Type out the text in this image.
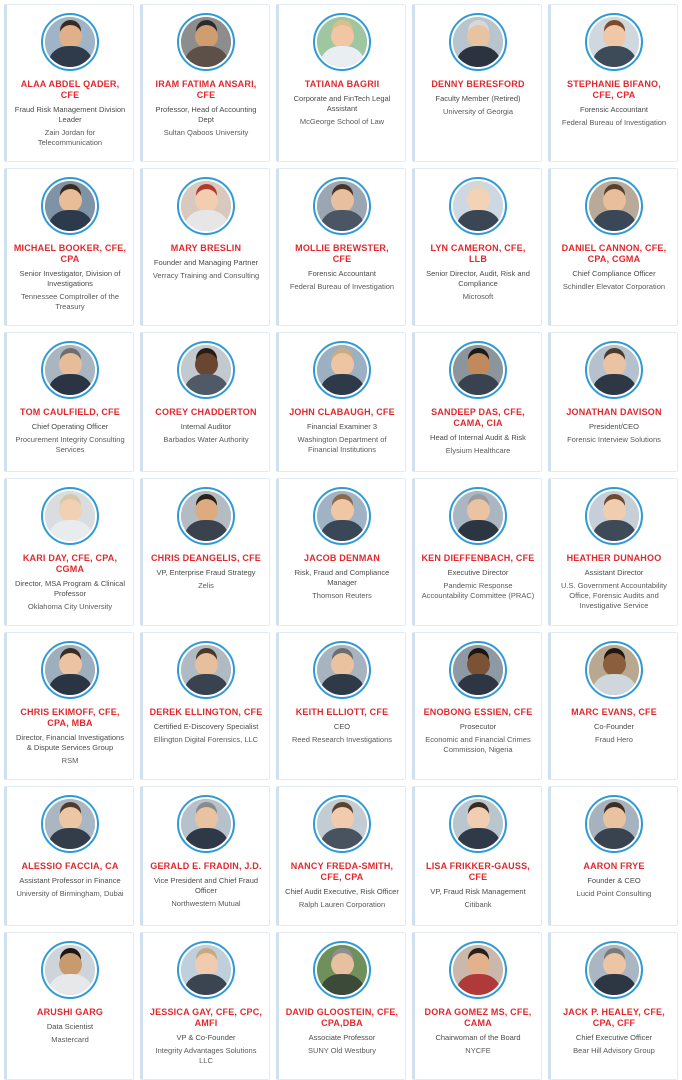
ALAA ABDEL QADER, CFE
Fraud Risk Management Division Leader
Zain Jordan for Telecommunication
IRAM FATIMA ANSARI, CFE
Professor, Head of Accounting Dept
Sultan Qaboos University
TATIANA BAGRII
Corporate and FinTech Legal Assistant
McGeorge School of Law
DENNY BERESFORD
Faculty Member (Retired)
University of Georgia
STEPHANIE BIFANO, CFE, CPA
Forensic Accountant
Federal Bureau of Investigation
MICHAEL BOOKER, CFE, CPA
Senior Investigator, Division of Investigations
Tennessee Comptroller of the Treasury
MARY BRESLIN
Founder and Managing Partner
Verracy Training and Consulting
MOLLIE BREWSTER, CFE
Forensic Accountant
Federal Bureau of Investigation
LYN CAMERON, CFE, LLB
Senior Director, Audit, Risk and Compliance
Microsoft
DANIEL CANNON, CFE, CPA, CGMA
Chief Compliance Officer
Schindler Elevator Corporation
TOM CAULFIELD, CFE
Chief Operating Officer
Procurement Integrity Consulting Services
COREY CHADDERTON
Internal Auditor
Barbados Water Authority
JOHN CLABAUGH, CFE
Financial Examiner 3
Washington Department of Financial Institutions
SANDEEP DAS, CFE, CAMA, CIA
Head of Internal Audit & Risk
Elysium Healthcare
JONATHAN DAVISON
President/CEO
Forensic Interview Solutions
KARI DAY, CFE, CPA, CGMA
Director, MSA Program & Clinical Professor
Oklahoma City University
CHRIS DEANGELIS, CFE
VP, Enterprise Fraud Strategy
Zelis
JACOB DENMAN
Risk, Fraud and Compliance Manager
Thomson Reuters
KEN DIEFFENBACH, CFE
Executive Director
Pandemic Response Accountability Committee (PRAC)
HEATHER DUNAHOO
Assistant Director
U.S. Government Accountability Office, Forensic Audits and Investigative Service
CHRIS EKIMOFF, CFE, CPA, MBA
Director, Financial Investigations & Dispute Services Group
RSM
DEREK ELLINGTON, CFE
Certified E-Discovery Specialist
Ellington Digital Forensics, LLC
KEITH ELLIOTT, CFE
CEO
Reed Research Investigations
ENOBONG ESSIEN, CFE
Prosecutor
Economic and Financial Crimes Commission, Nigeria
MARC EVANS, CFE
Co-Founder
Fraud Hero
ALESSIO FACCIA, CA
Assistant Professor in Finance
University of Birmingham, Dubai
GERALD E. FRADIN, J.D.
Vice President and Chief Fraud Officer
Northwestern Mutual
NANCY FREDA-SMITH, CFE, CPA
Chief Audit Executive, Risk Officer
Ralph Lauren Corporation
LISA FRIKKER-GAUSS, CFE
VP, Fraud Risk Management
Citibank
AARON FRYE
Founder & CEO
Lucid Point Consulting
ARUSHI GARG
Data Scientist
Mastercard
JESSICA GAY, CFE, CPC, AMFI
VP & Co-Founder
Integrity Advantages Solutions LLC
DAVID GLOOSTEIN, CFE, CPA,DBA
Associate Professor
SUNY Old Westbury
DORA GOMEZ MS, CFE, CAMA
Chairwoman of the Board
NYCFE
JACK P. HEALEY, CFE, CPA, CFF
Chief Executive Officer
Bear Hill Advisory Group
